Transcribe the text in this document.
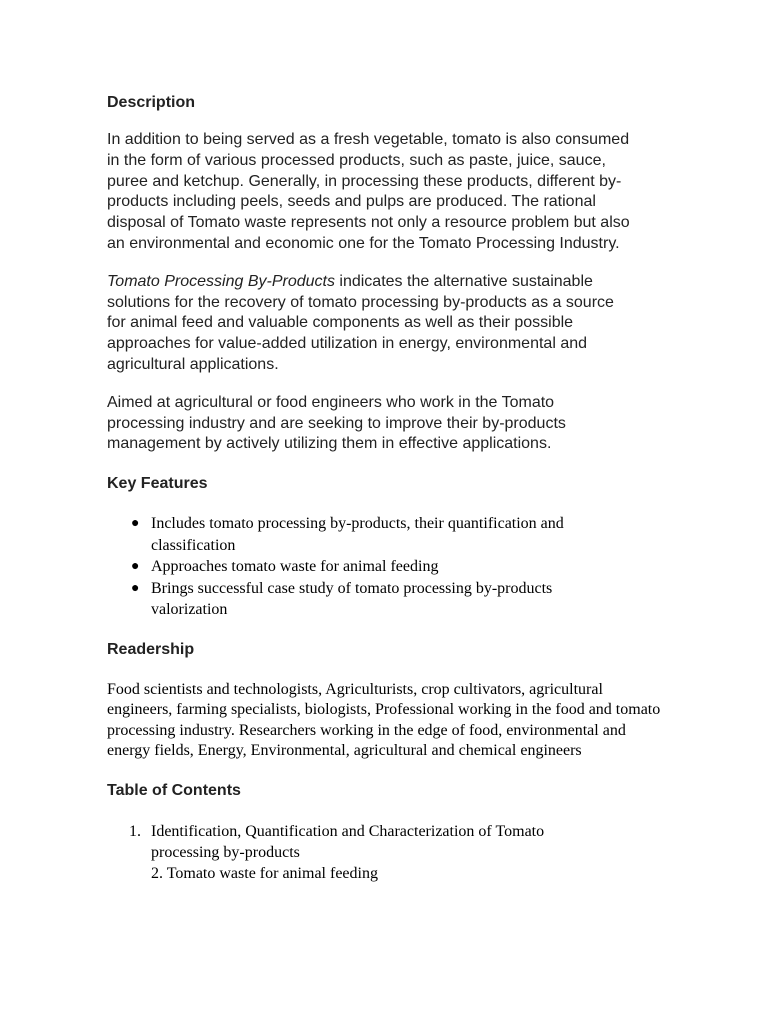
Description

In addition to being served as a fresh vegetable, tomato is also consumed in the form of various processed products, such as paste, juice, sauce, puree and ketchup. Generally, in processing these products, different by-products including peels, seeds and pulps are produced. The rational disposal of Tomato waste represents not only a resource problem but also an environmental and economic one for the Tomato Processing Industry.

Tomato Processing By-Products indicates the alternative sustainable solutions for the recovery of tomato processing by-products as a source for animal feed and valuable components as well as their possible approaches for value-added utilization in energy, environmental and agricultural applications.

Aimed at agricultural or food engineers who work in the Tomato processing industry and are seeking to improve their by-products management by actively utilizing them in effective applications.

Key Features
● Includes tomato processing by-products, their quantification and classification
● Approaches tomato waste for animal feeding
● Brings successful case study of tomato processing by-products valorization
Readership

Food scientists and technologists, Agriculturists, crop cultivators, agricultural engineers, farming specialists, biologists, Professional working in the food and tomato processing industry. Researchers working in the edge of food, environmental and energy fields, Energy, Environmental, agricultural and chemical engineers

Table of Contents
1. Identification, Quantification and Characterization of Tomato processing by-products
2. Tomato waste for animal feeding
